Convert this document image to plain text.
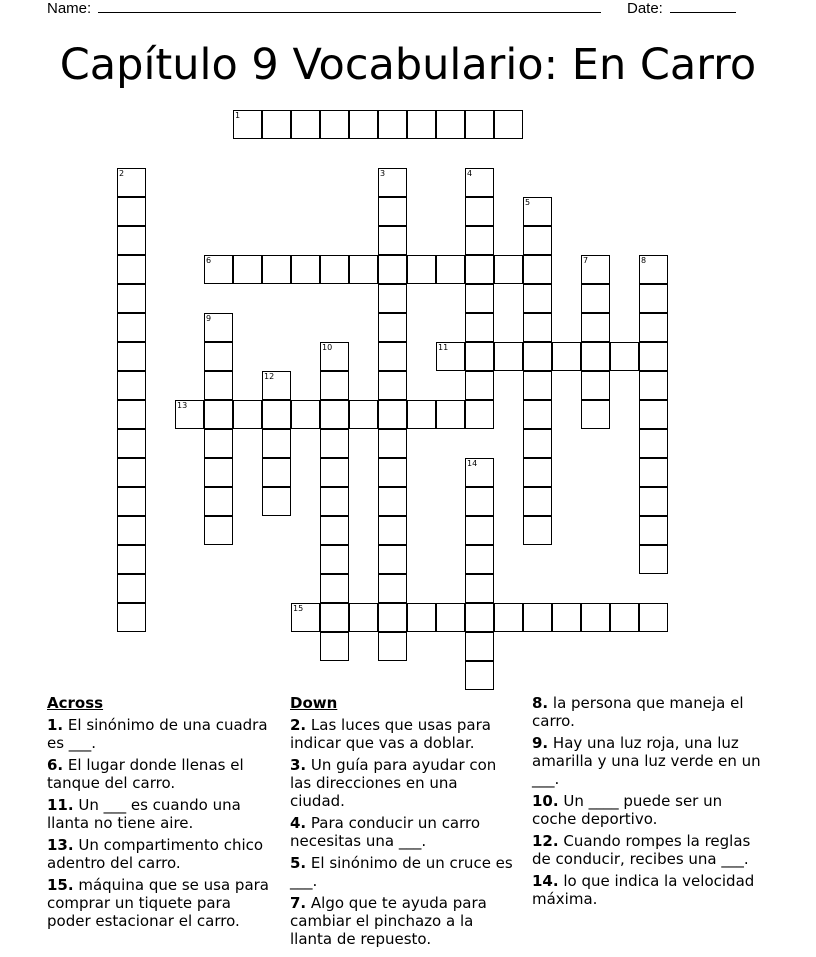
Name:	Date:
Capítulo 9 Vocabulario: En Carro
1
2	3	4
5
6	7	8
9
10	11
12
13
14
15
Across
1. El sinónimo de una cuadra es ___.
6. El lugar donde llenas el tanque del carro.
11. Un ___ es cuando una llanta no tiene aire.
13. Un compartimento chico adentro del carro.
15. máquina que se usa para comprar un tiquete para poder estacionar el carro.
Down
2. Las luces que usas para indicar que vas a doblar.
3. Un guía para ayudar con las direcciones en una ciudad.
4. Para conducir un carro necesitas una ___.
5. El sinónimo de un cruce es ___.
7. Algo que te ayuda para cambiar el pinchazo a la llanta de repuesto.
8. la persona que maneja el carro.
9. Hay una luz roja, una luz amarilla y una luz verde en un ___.
10. Un ____ puede ser un coche deportivo.
12. Cuando rompes la reglas de conducir, recibes una ___.
14. lo que indica la velocidad máxima.
